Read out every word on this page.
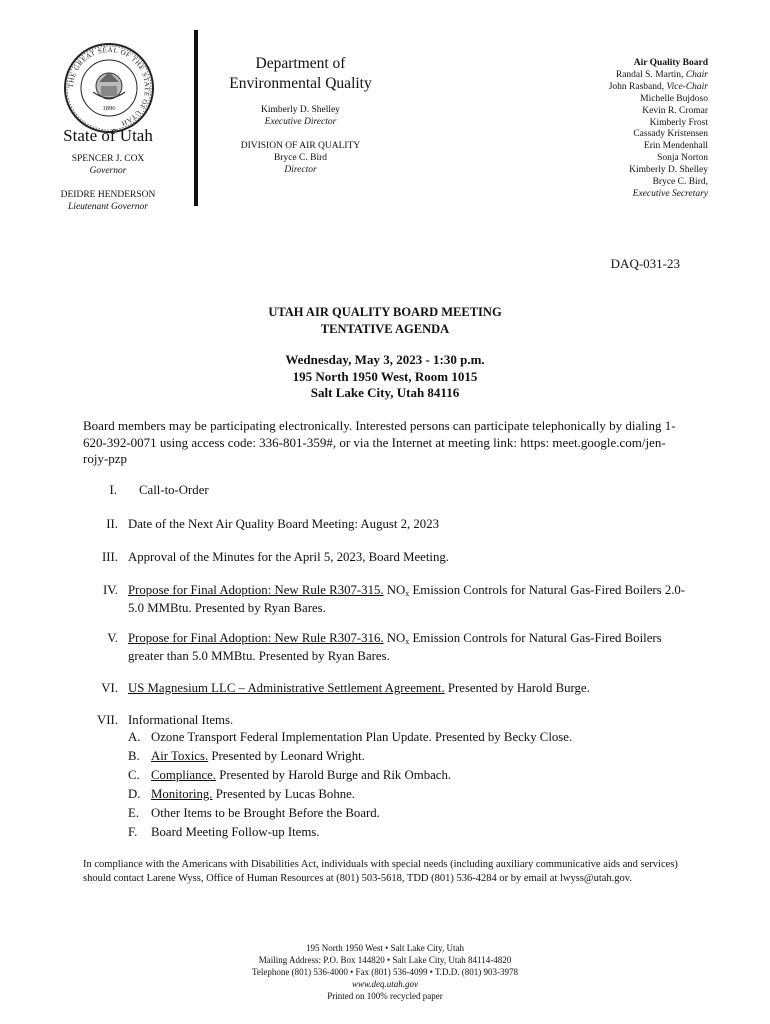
THE GREAT SEAL OF THE STATE OF UTAH
1896
State of Utah
SPENCER J. COX
Governor
DEIDRE HENDERSON
Lieutenant Governor
Department of
Environmental Quality
Kimberly D. Shelley
Executive Director
DIVISION OF AIR QUALITY
Bryce C. Bird
Director
Air Quality Board
Randal S. Martin, Chair
John Rasband, Vice-Chair
Michelle Bujdoso
Kevin R. Cromar
Kimberly Frost
Cassady Kristensen
Erin Mendenhall
Sonja Norton
Kimberly D. Shelley
Bryce C. Bird,
Executive Secretary
DAQ-031-23
UTAH AIR QUALITY BOARD MEETING
TENTATIVE AGENDA
Wednesday, May 3, 2023 - 1:30 p.m.
195 North 1950 West, Room 1015
Salt Lake City, Utah 84116
Board members may be participating electronically. Interested persons can participate telephonically by dialing 1-620-392-0071 using access code: 336-801-359#, or via the Internet at meeting link: https: meet.google.com/jen-rojy-pzp
I. Call-to-Order
II. Date of the Next Air Quality Board Meeting: August 2, 2023
III. Approval of the Minutes for the April 5, 2023, Board Meeting.
IV. Propose for Final Adoption: New Rule R307-315. NOx Emission Controls for Natural Gas-Fired Boilers 2.0-5.0 MMBtu. Presented by Ryan Bares.
V. Propose for Final Adoption: New Rule R307-316. NOx Emission Controls for Natural Gas-Fired Boilers greater than 5.0 MMBtu. Presented by Ryan Bares.
VI. US Magnesium LLC – Administrative Settlement Agreement. Presented by Harold Burge.
VII. Informational Items.
A. Ozone Transport Federal Implementation Plan Update. Presented by Becky Close.
B. Air Toxics. Presented by Leonard Wright.
C. Compliance. Presented by Harold Burge and Rik Ombach.
D. Monitoring. Presented by Lucas Bohne.
E. Other Items to be Brought Before the Board.
F.	Board Meeting Follow-up Items.
In compliance with the Americans with Disabilities Act, individuals with special needs (including auxiliary communicative aids and services) should contact Larene Wyss, Office of Human Resources at (801) 503-5618, TDD (801) 536-4284 or by email at lwyss@utah.gov.
195 North 1950 West • Salt Lake City, Utah
Mailing Address: P.O. Box 144820 • Salt Lake City, Utah 84114-4820
Telephone (801) 536-4000 • Fax (801) 536-4099 • T.D.D. (801) 903-3978
www.deq.utah.gov
Printed on 100% recycled paper
